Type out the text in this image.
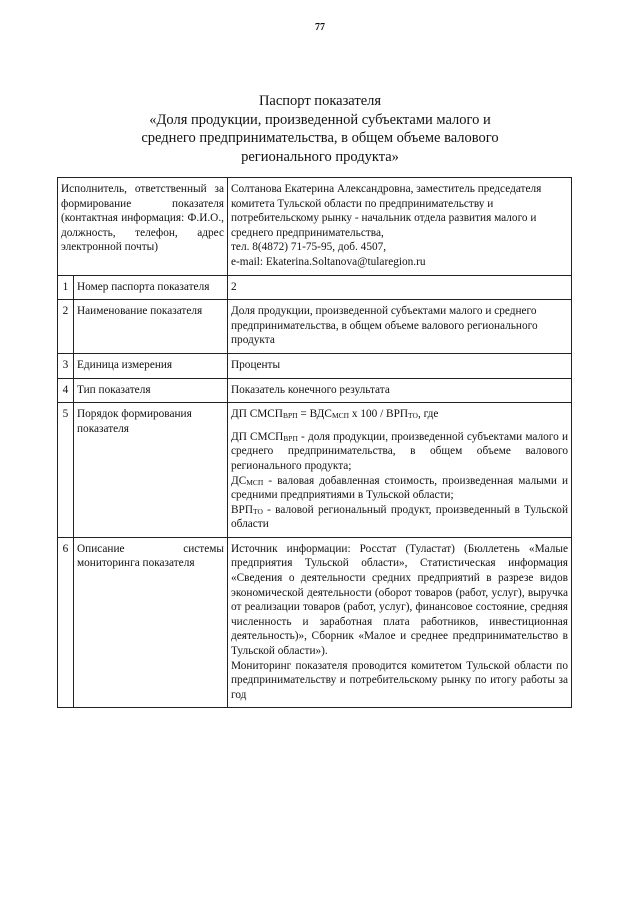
77
Паспорт показателя
«Доля продукции, произведенной субъектами малого и
среднего предпринимательства, в общем объеме валового
регионального продукта»
Исполнитель, ответственный за формирование показателя (контактная информация: Ф.И.О., должность, телефон, адрес электронной почты)		Солтанова Екатерина Александровна, заместитель председателя комитета Тульской области по предпринимательству и потребительскому рынку - начальник отдела развития малого и среднего предпринимательства,

тел. 8(4872) 71-75-95, доб. 4507,

e-mail: Ekaterina.Soltanova@tularegion.ru

1	Номер паспорта показателя	2
2	Наименование показателя	Доля продукции, произведенной субъектами малого и среднего предпринимательства, в общем объеме валового регионального продукта
3	Единица измерения	Проценты
4	Тип показателя	Показатель конечного результата
5	Порядок формирования показателя	ДП $СМСП_{ВРП} = ВДС_{МСП}$ x $100 / ВРП_{ТО}$, где

ДП $СМСП_{ВРП}$ - доля продукции, произведенной субъектами малого и среднего предпринимательства, в общем объеме валового регионального продукта;

$ДС_{МСП}$ - валовая добавленная стоимость, произведенная малыми и средними предприятиями в Тульской области;

$ВРП_{ТО}$ - валовой региональный продукт, произведенный в Тульской области

6	Описание системы мониторинга показателя	Источник информации: Росстат (Туластат) (Бюллетень «Малые предприятия Тульской области», Статистическая информация «Сведения о деятельности средних предприятий в разрезе видов экономической деятельности (оборот товаров (работ, услуг), выручка от реализации товаров (работ, услуг), финансовое состояние, средняя численность и заработная плата работников, инвестиционная деятельность)», Сборник «Малое и среднее предпринимательство в Тульской области»).

Мониторинг показателя проводится комитетом Тульской области по предпринимательству и потребительскому рынку по итогу работы за год
